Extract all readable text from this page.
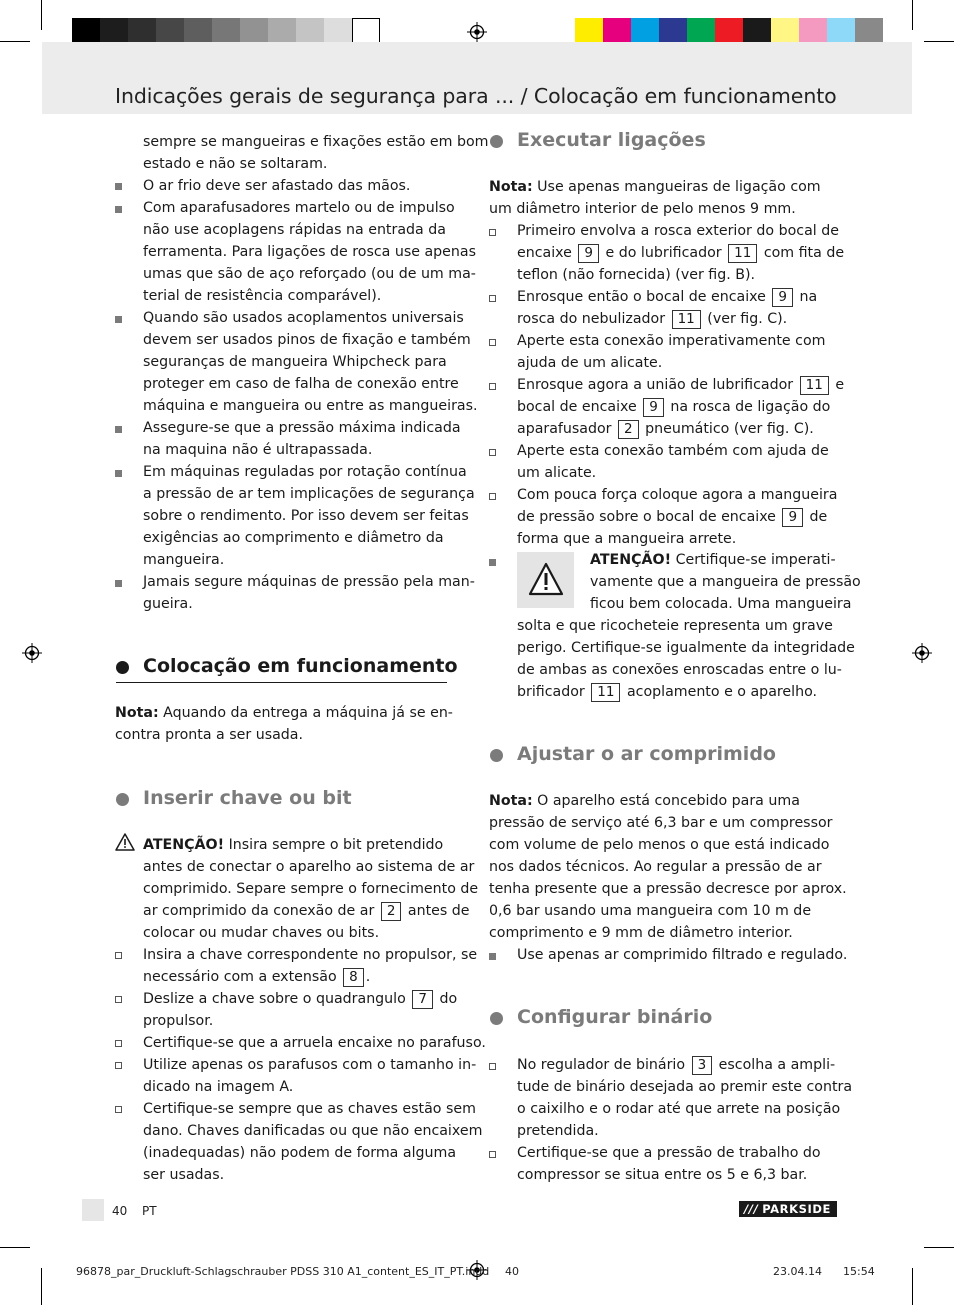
Indicações gerais de segurança para ... / Colocação em funcionamento
sempre se mangueiras e fixações estão em bom
estado e não se soltaram.
O ar frio deve ser afastado das mãos.
Com aparafusadores martelo ou de impulso
não use acoplagens rápidas na entrada da
ferramenta. Para ligações de rosca use apenas
umas que são de aço reforçado (ou de um ma-
terial de resistência comparável).
Quando são usados acoplamentos universais
devem ser usados pinos de fixação e também
seguranças de mangueira Whipcheck para
proteger em caso de falha de conexão entre
máquina e mangueira ou entre as mangueiras.
Assegure-se que a pressão máxima indicada
na maquina não é ultrapassada.
Em máquinas reguladas por rotação contínua
a pressão de ar tem implicações de segurança
sobre o rendimento. Por isso devem ser feitas
exigências ao comprimento e diâmetro da
mangueira.
Jamais segure máquinas de pressão pela man-
gueira.
Colocação em funcionamento
Nota: Aquando da entrega a máquina já se en-
contra pronta a ser usada.
Inserir chave ou bit
ATENÇÃO! Insira sempre o bit pretendido
antes de conectar o aparelho ao sistema de ar
comprimido. Separe sempre o fornecimento de
ar comprimido da conexão de ar 2 antes de
colocar ou mudar chaves ou bits.
Insira a chave correspondente no propulsor, se
necessário com a extensão 8 .
Deslize a chave sobre o quadrangulo 7 do
propulsor.
Certifique-se que a arruela encaixe no parafuso.
Utilize apenas os parafusos com o tamanho in-
dicado na imagem A.
Certifique-se sempre que as chaves estão sem
dano. Chaves danificadas ou que não encaixem
(inadequadas) não podem de forma alguma
ser usadas.
Executar ligações
Nota: Use apenas mangueiras de ligação com
um diâmetro interior de pelo menos 9 mm.
Primeiro envolva a rosca exterior do bocal de
encaixe 9 e do lubrificador 11 com fita de
teflon (não fornecida) (ver fig. B).
Enrosque então o bocal de encaixe 9 na
rosca do nebulizador 11 (ver fig. C).
Aperte esta conexão imperativamente com
ajuda de um alicate.
Enrosque agora a união de lubrificador 11 e
bocal de encaixe 9 na rosca de ligação do
aparafusador 2 pneumático (ver fig. C).
Aperte esta conexão também com ajuda de
um alicate.
Com pouca força coloque agora a mangueira
de pressão sobre o bocal de encaixe 9 de
forma que a mangueira arrete.
ATENÇÃO! Certifique-se imperati-
vamente que a mangueira de pressão
ficou bem colocada. Uma mangueira
solta e que ricocheteie representa um grave
perigo. Certifique-se igualmente da integridade
de ambas as conexões enroscadas entre o lu-
brificador 11 acoplamento e o aparelho.
Ajustar o ar comprimido
Nota: O aparelho está concebido para uma
pressão de serviço até 6,3 bar e um compressor
com volume de pelo menos o que está indicado
nos dados técnicos. Ao regular a pressão de ar
tenha presente que a pressão decresce por aprox.
0,6 bar usando uma mangueira com 10 m de
comprimento e 9 mm de diâmetro interior.
Use apenas ar comprimido filtrado e regulado.
Configurar binário
No regulador de binário 3 escolha a ampli-
tude de binário desejada ao premir este contra
o caixilho e o rodar até que arrete na posição
pretendida.
Certifique-se que a pressão de trabalho do
compressor se situa entre os 5 e 6,3 bar.
40 PT	/// PARKSIDE
96878_par_Druckluft-Schlagschrauber PDSS 310 A1_content_ES_IT_PT.indd 40	23.04.14 15:54
